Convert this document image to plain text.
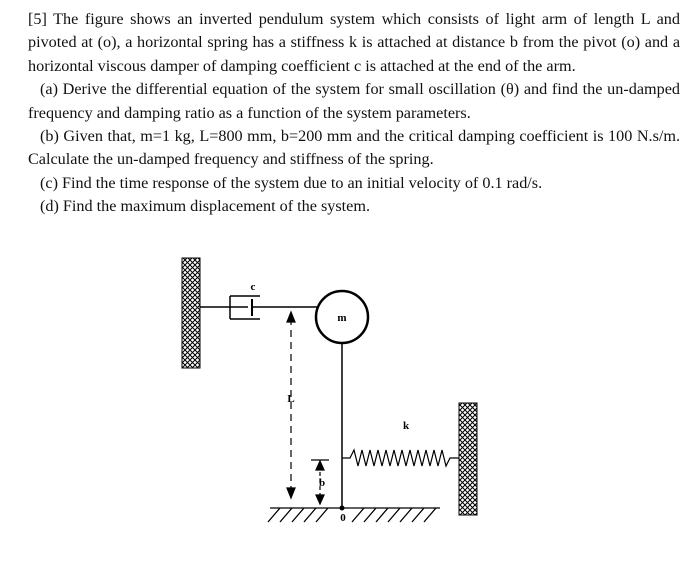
[5] The figure shows an inverted pendulum system which consists of light arm of length L and pivoted at (o), a horizontal spring has a stiffness k is attached at distance b from the pivot (o) and a horizontal viscous damper of damping coefficient c is attached at the end of the arm.

(a) Derive the differential equation of the system for small oscillation (θ) and find the un-damped frequency and damping ratio as a function of the system parameters.

(b) Given that, m=1 kg, L=800 mm, b=200 mm and the critical damping coefficient is 100 N.s/m. Calculate the un-damped frequency and stiffness of the spring.

(c) Find the time response of the system due to an initial velocity of 0.1 rad/s.

(d) Find the maximum displacement of the system.

c
m
L
b
k
0
